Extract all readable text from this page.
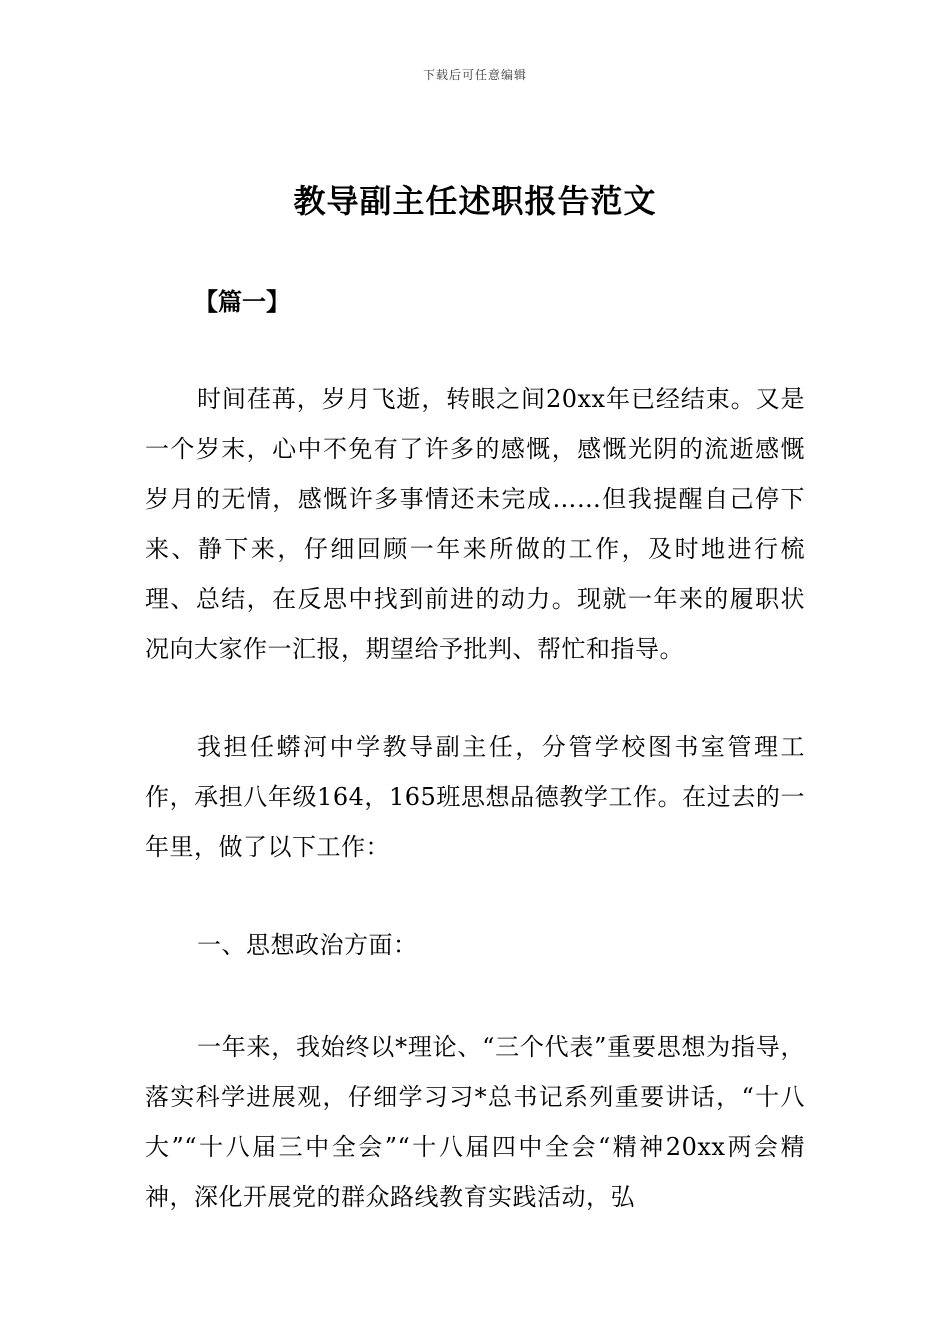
下载后可任意编辑
教导副主任述职报告范文
【篇一】

时间荏苒，岁月飞逝，转眼之间20xx年已经结束。又是一个岁末，心中不免有了许多的感慨，感慨光阴的流逝感慨岁月的无情，感慨许多事情还未完成……但我提醒自己停下来、静下来，仔细回顾一年来所做的工作，及时地进行梳理、总结，在反思中找到前进的动力。现就一年来的履职状况向大家作一汇报，期望给予批判、帮忙和指导。

我担任蟒河中学教导副主任，分管学校图书室管理工作，承担八年级164，165班思想品德教学工作。在过去的一年里，做了以下工作：

一、思想政治方面：

一年来，我始终以*理论、“三个代表”重要思想为指导，落实科学进展观，仔细学习习*总书记系列重要讲话，“十八大”“十八届三中全会”“十八届四中全会“精神20xx两会精神，深化开展党的群众路线教育实践活动，弘
